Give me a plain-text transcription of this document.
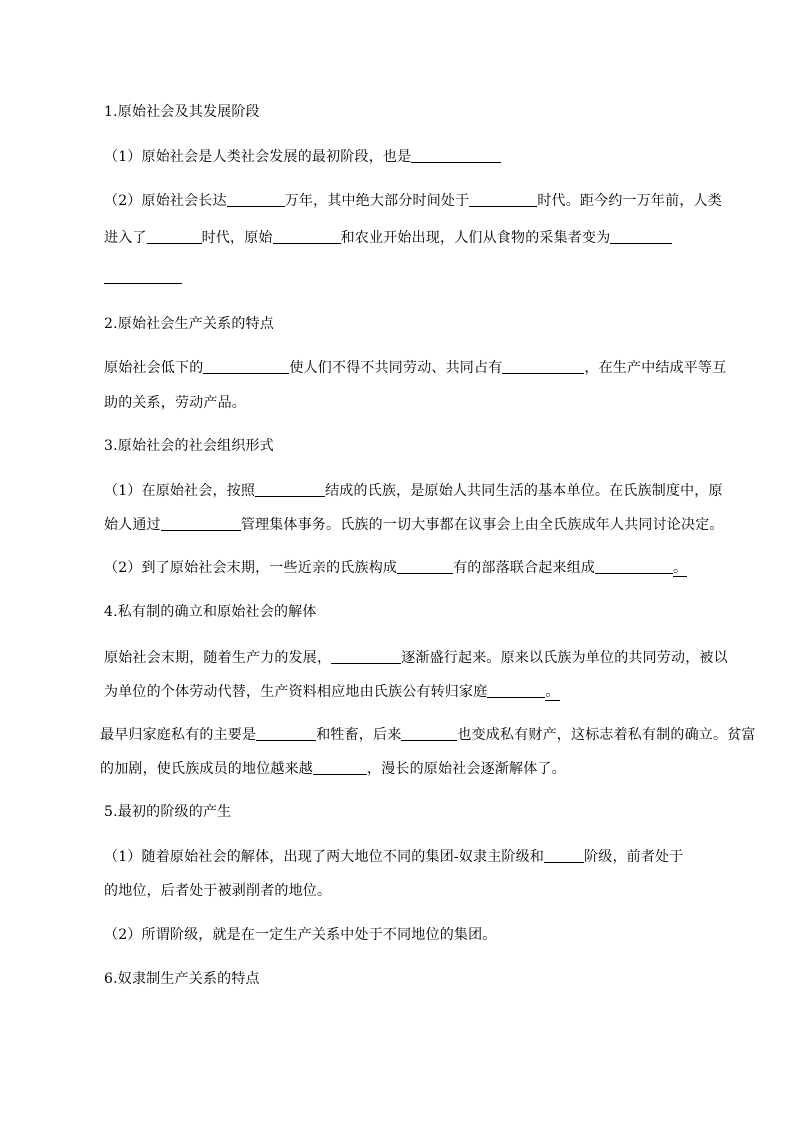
1.原始社会及其发展阶段
（1）原始社会是人类社会发展的最初阶段，也是
（2）原始社会长达	万年，其中绝大部分时间处于	时代。距今约一万年前，人类
进入了	时代，原始	和农业开始出现，人们从食物的采集者变为
2.原始社会生产关系的特点
原始社会低下的	使人们不得不共同劳动、共同占有	，在生产中结成平等互
助的关系，劳动产品。
3.原始社会的社会组织形式
（1）在原始社会，按照	结成的氏族，是原始人共同生活的基本单位。在氏族制度中，原
始人通过	管理集体事务。氏族的一切大事都在议事会上由全氏族成年人共同讨论决定。
（2）到了原始社会末期，一些近亲的氏族构成	有的部落联合起来组成	。
4.私有制的确立和原始社会的解体
原始社会末期，随着生产力的发展，	逐渐盛行起来。原来以氏族为单位的共同劳动，被以
为单位的个体劳动代替，生产资料相应地由氏族公有转归家庭	。
最早归家庭私有的主要是	和牲畜，后来	也变成私有财产，这标志着私有制的确立。贫富
的加剧，使氏族成员的地位越来越	，漫长的原始社会逐渐解体了。
5.最初的阶级的产生
（1）随着原始社会的解体，出现了两大地位不同的集团-奴隶主阶级和	阶级，前者处于
的地位，后者处于被剥削者的地位。
（2）所谓阶级，就是在一定生产关系中处于不同地位的集团。
6.奴隶制生产关系的特点
